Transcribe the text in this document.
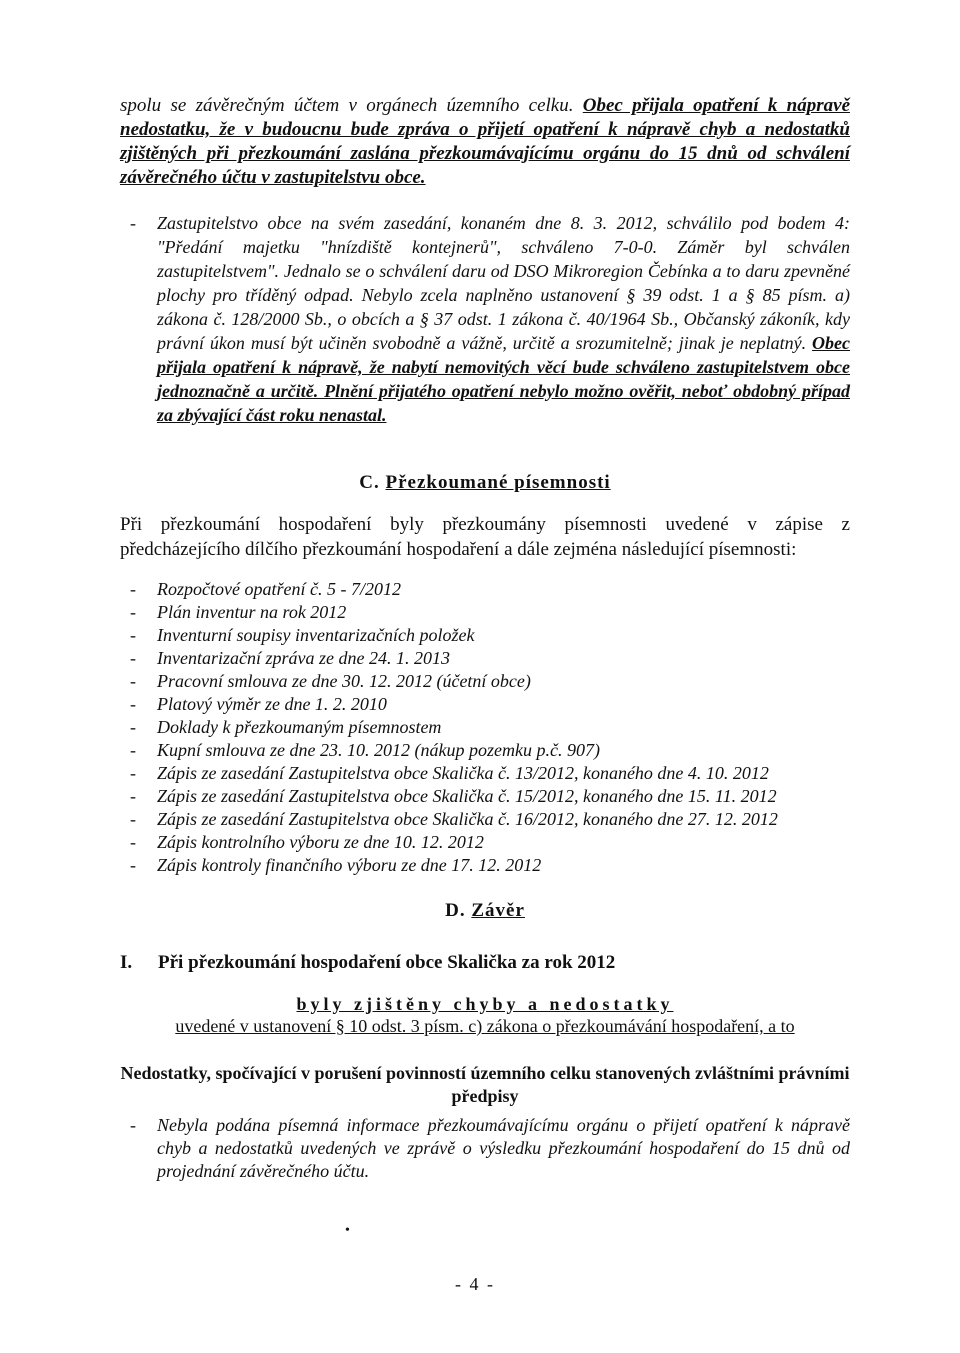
spolu se závěrečným účtem v orgánech územního celku. Obec přijala opatření k nápravě nedostatku, že v budoucnu bude zpráva o přijetí opatření k nápravě chyb a nedostatků zjištěných při přezkoumání zaslána přezkoumávajícímu orgánu do 15 dnů od schválení závěrečného účtu v zastupitelstvu obce.

- Zastupitelstvo obce na svém zasedání, konaném dne 8. 3. 2012, schválilo pod bodem 4: "Předání majetku "hnízdiště kontejnerů", schváleno 7-0-0. Záměr byl schválen zastupitelstvem". Jednalo se o schválení daru od DSO Mikroregion Čebínka a to daru zpevněné plochy pro tříděný odpad. Nebylo zcela naplněno ustanovení § 39 odst. 1 a § 85 písm. a) zákona č. 128/2000 Sb., o obcích a § 37 odst. 1 zákona č. 40/1964 Sb., Občanský zákoník, kdy právní úkon musí být učiněn svobodně a vážně, určitě a srozumitelně; jinak je neplatný. Obec přijala opatření k nápravě, že nabytí nemovitých věcí bude schváleno zastupitelstvem obce jednoznačně a určitě. Plnění přijatého opatření nebylo možno ověřit, neboť obdobný případ za zbývající část roku nenastal.

C. Přezkoumané písemnosti

Při přezkoumání hospodaření byly přezkoumány písemnosti uvedené v zápise z předcházejícího dílčího přezkoumání hospodaření a dále zejména následující písemnosti:

- Rozpočtové opatření č. 5 - 7/2012
- Plán inventur na rok 2012
- Inventurní soupisy inventarizačních položek
- Inventarizační zpráva ze dne 24. 1. 2013
- Pracovní smlouva ze dne 30. 12. 2012 (účetní obce)
- Platový výměr ze dne 1. 2. 2010
- Doklady k přezkoumaným písemnostem
- Kupní smlouva ze dne 23. 10. 2012 (nákup pozemku p.č. 907)
- Zápis ze zasedání Zastupitelstva obce Skalička č. 13/2012, konaného dne 4. 10. 2012
- Zápis ze zasedání Zastupitelstva obce Skalička č. 15/2012, konaného dne 15. 11. 2012
- Zápis ze zasedání Zastupitelstva obce Skalička č. 16/2012, konaného dne 27. 12. 2012
- Zápis kontrolního výboru ze dne 10. 12. 2012
- Zápis kontroly finančního výboru ze dne 17. 12. 2012

D. Závěr

I. Při přezkoumání hospodaření obce Skalička za rok 2012

byly zjištěny chyby a nedostatky
uvedené v ustanovení § 10 odst. 3 písm. c) zákona o přezkoumávání hospodaření, a to

Nedostatky, spočívající v porušení povinností územního celku stanovených zvláštními právními předpisy

- Nebyla podána písemná informace přezkoumávajícímu orgánu o přijetí opatření k nápravě chyb a nedostatků uvedených ve zprávě o výsledku přezkoumání hospodaření do 15 dnů od projednání závěrečného účtu.

•

- 4 -
